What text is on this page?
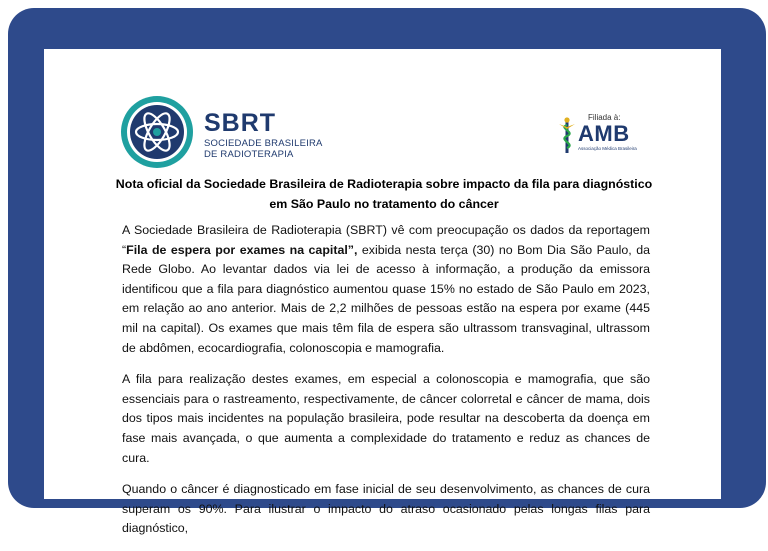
SBRT
SOCIEDADE BRASILEIRA
DE RADIOTERAPIA
Filiada à:
AMB
Associação Médica Brasileira
Nota oficial da Sociedade Brasileira de Radioterapia sobre impacto da fila para diagnóstico em São Paulo no tratamento do câncer

A Sociedade Brasileira de Radioterapia (SBRT) vê com preocupação os dados da reportagem “Fila de espera por exames na capital”, exibida nesta terça (30) no Bom Dia São Paulo, da Rede Globo. Ao levantar dados via lei de acesso à informação, a produção da emissora identificou que a fila para diagnóstico aumentou quase 15% no estado de São Paulo em 2023, em relação ao ano anterior. Mais de 2,2 milhões de pessoas estão na espera por exame (445 mil na capital). Os exames que mais têm fila de espera são ultrassom transvaginal, ultrassom de abdômen, ecocardiografia, colonoscopia e mamografia.

A fila para realização destes exames, em especial a colonoscopia e mamografia, que são essenciais para o rastreamento, respectivamente, de câncer colorretal e câncer de mama, dois dos tipos mais incidentes na população brasileira, pode resultar na descoberta da doença em fase mais avançada, o que aumenta a complexidade do tratamento e reduz as chances de cura.

Quando o câncer é diagnosticado em fase inicial de seu desenvolvimento, as chances de cura superam os 90%. Para ilustrar o impacto do atraso ocasionado pelas longas filas para diagnóstico,
